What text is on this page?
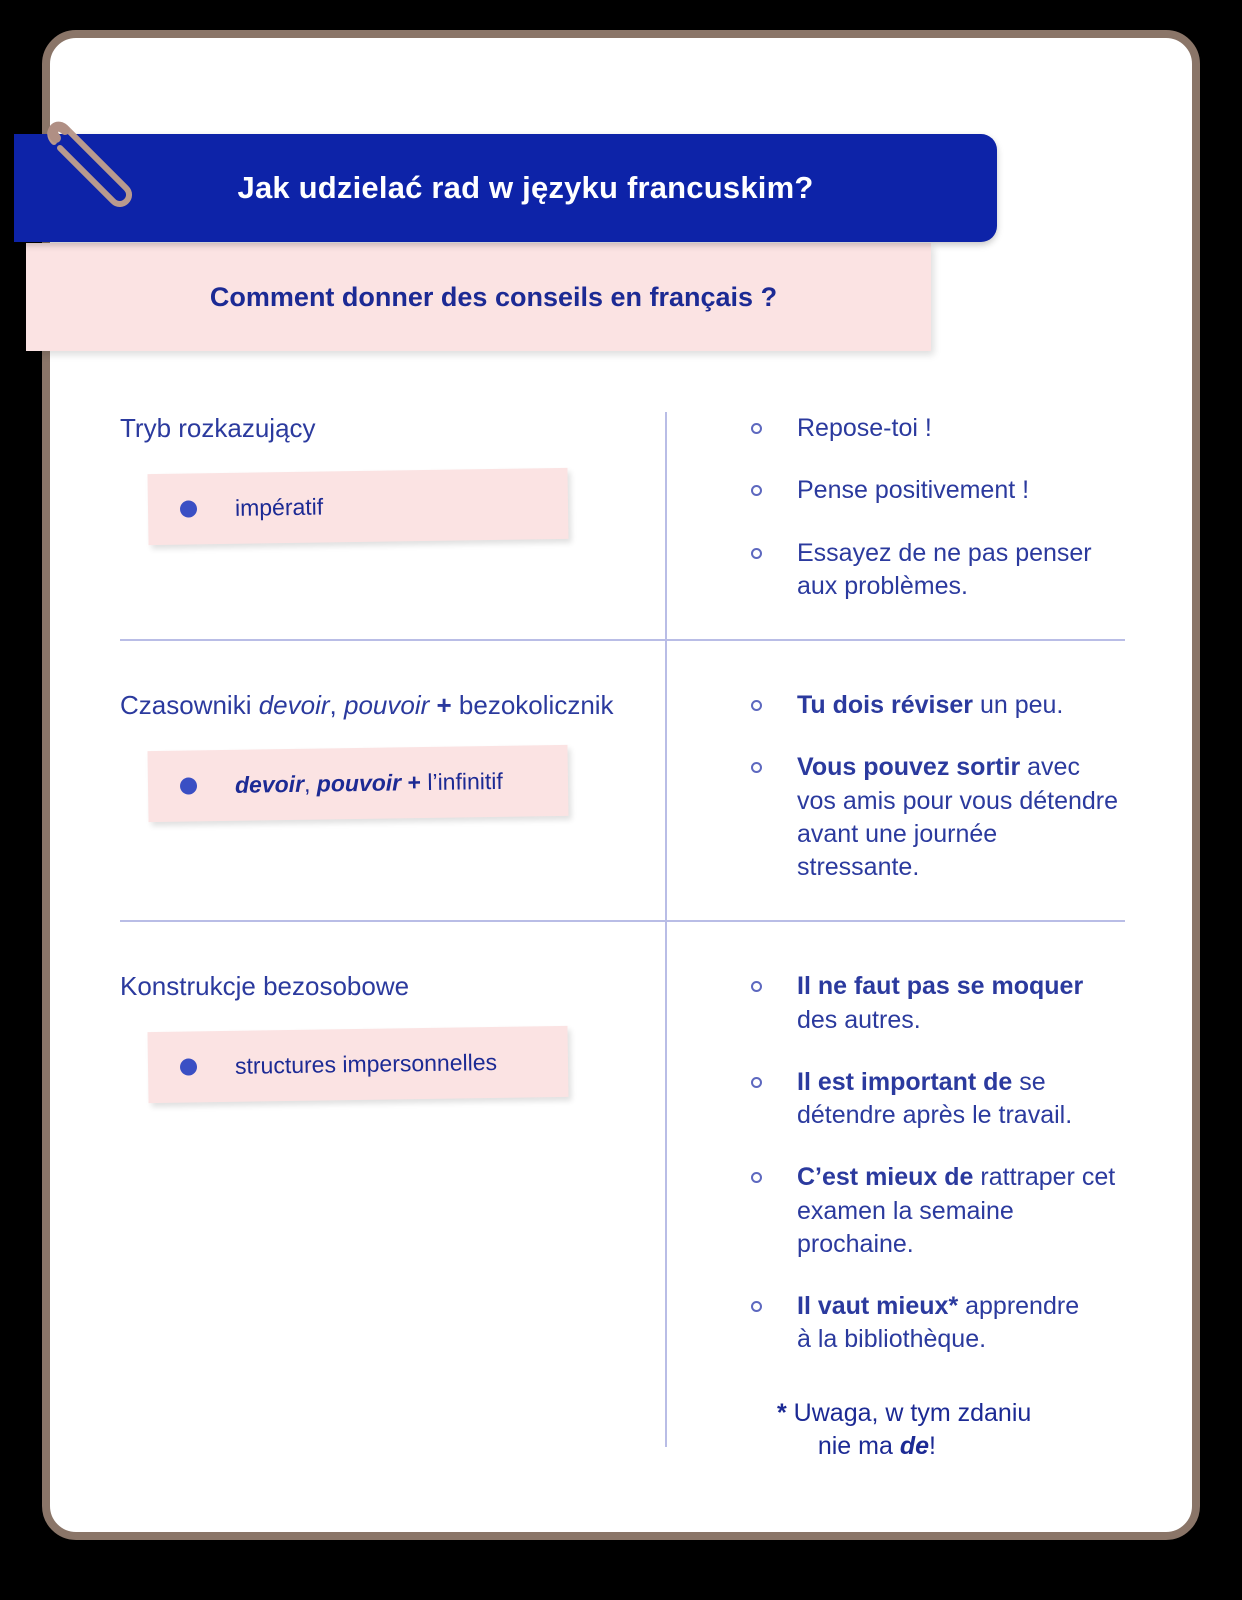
Jak udzielać rad w języku francuskim?
Comment donner des conseils en français ?
Tryb rozkazujący
impératif
Repose-toi !
Pense positivement !
Essayez de ne pas penser
aux problèmes.
Czasowniki devoir, pouvoir + bezokolicznik
devoir, pouvoir + l’infinitif
Tu dois réviser un peu.
Vous pouvez sortir avec vos amis pour vous détendre avant une journée stressante.
Konstrukcje bezosobowe
structures impersonnelles
Il ne faut pas se moquer des autres.
Il est important de se détendre après le travail.
C’est mieux de rattraper cet examen la semaine prochaine.
Il vaut mieux* apprendre
à la bibliothèque.
* Uwaga, w tym zdaniu
nie ma de!
